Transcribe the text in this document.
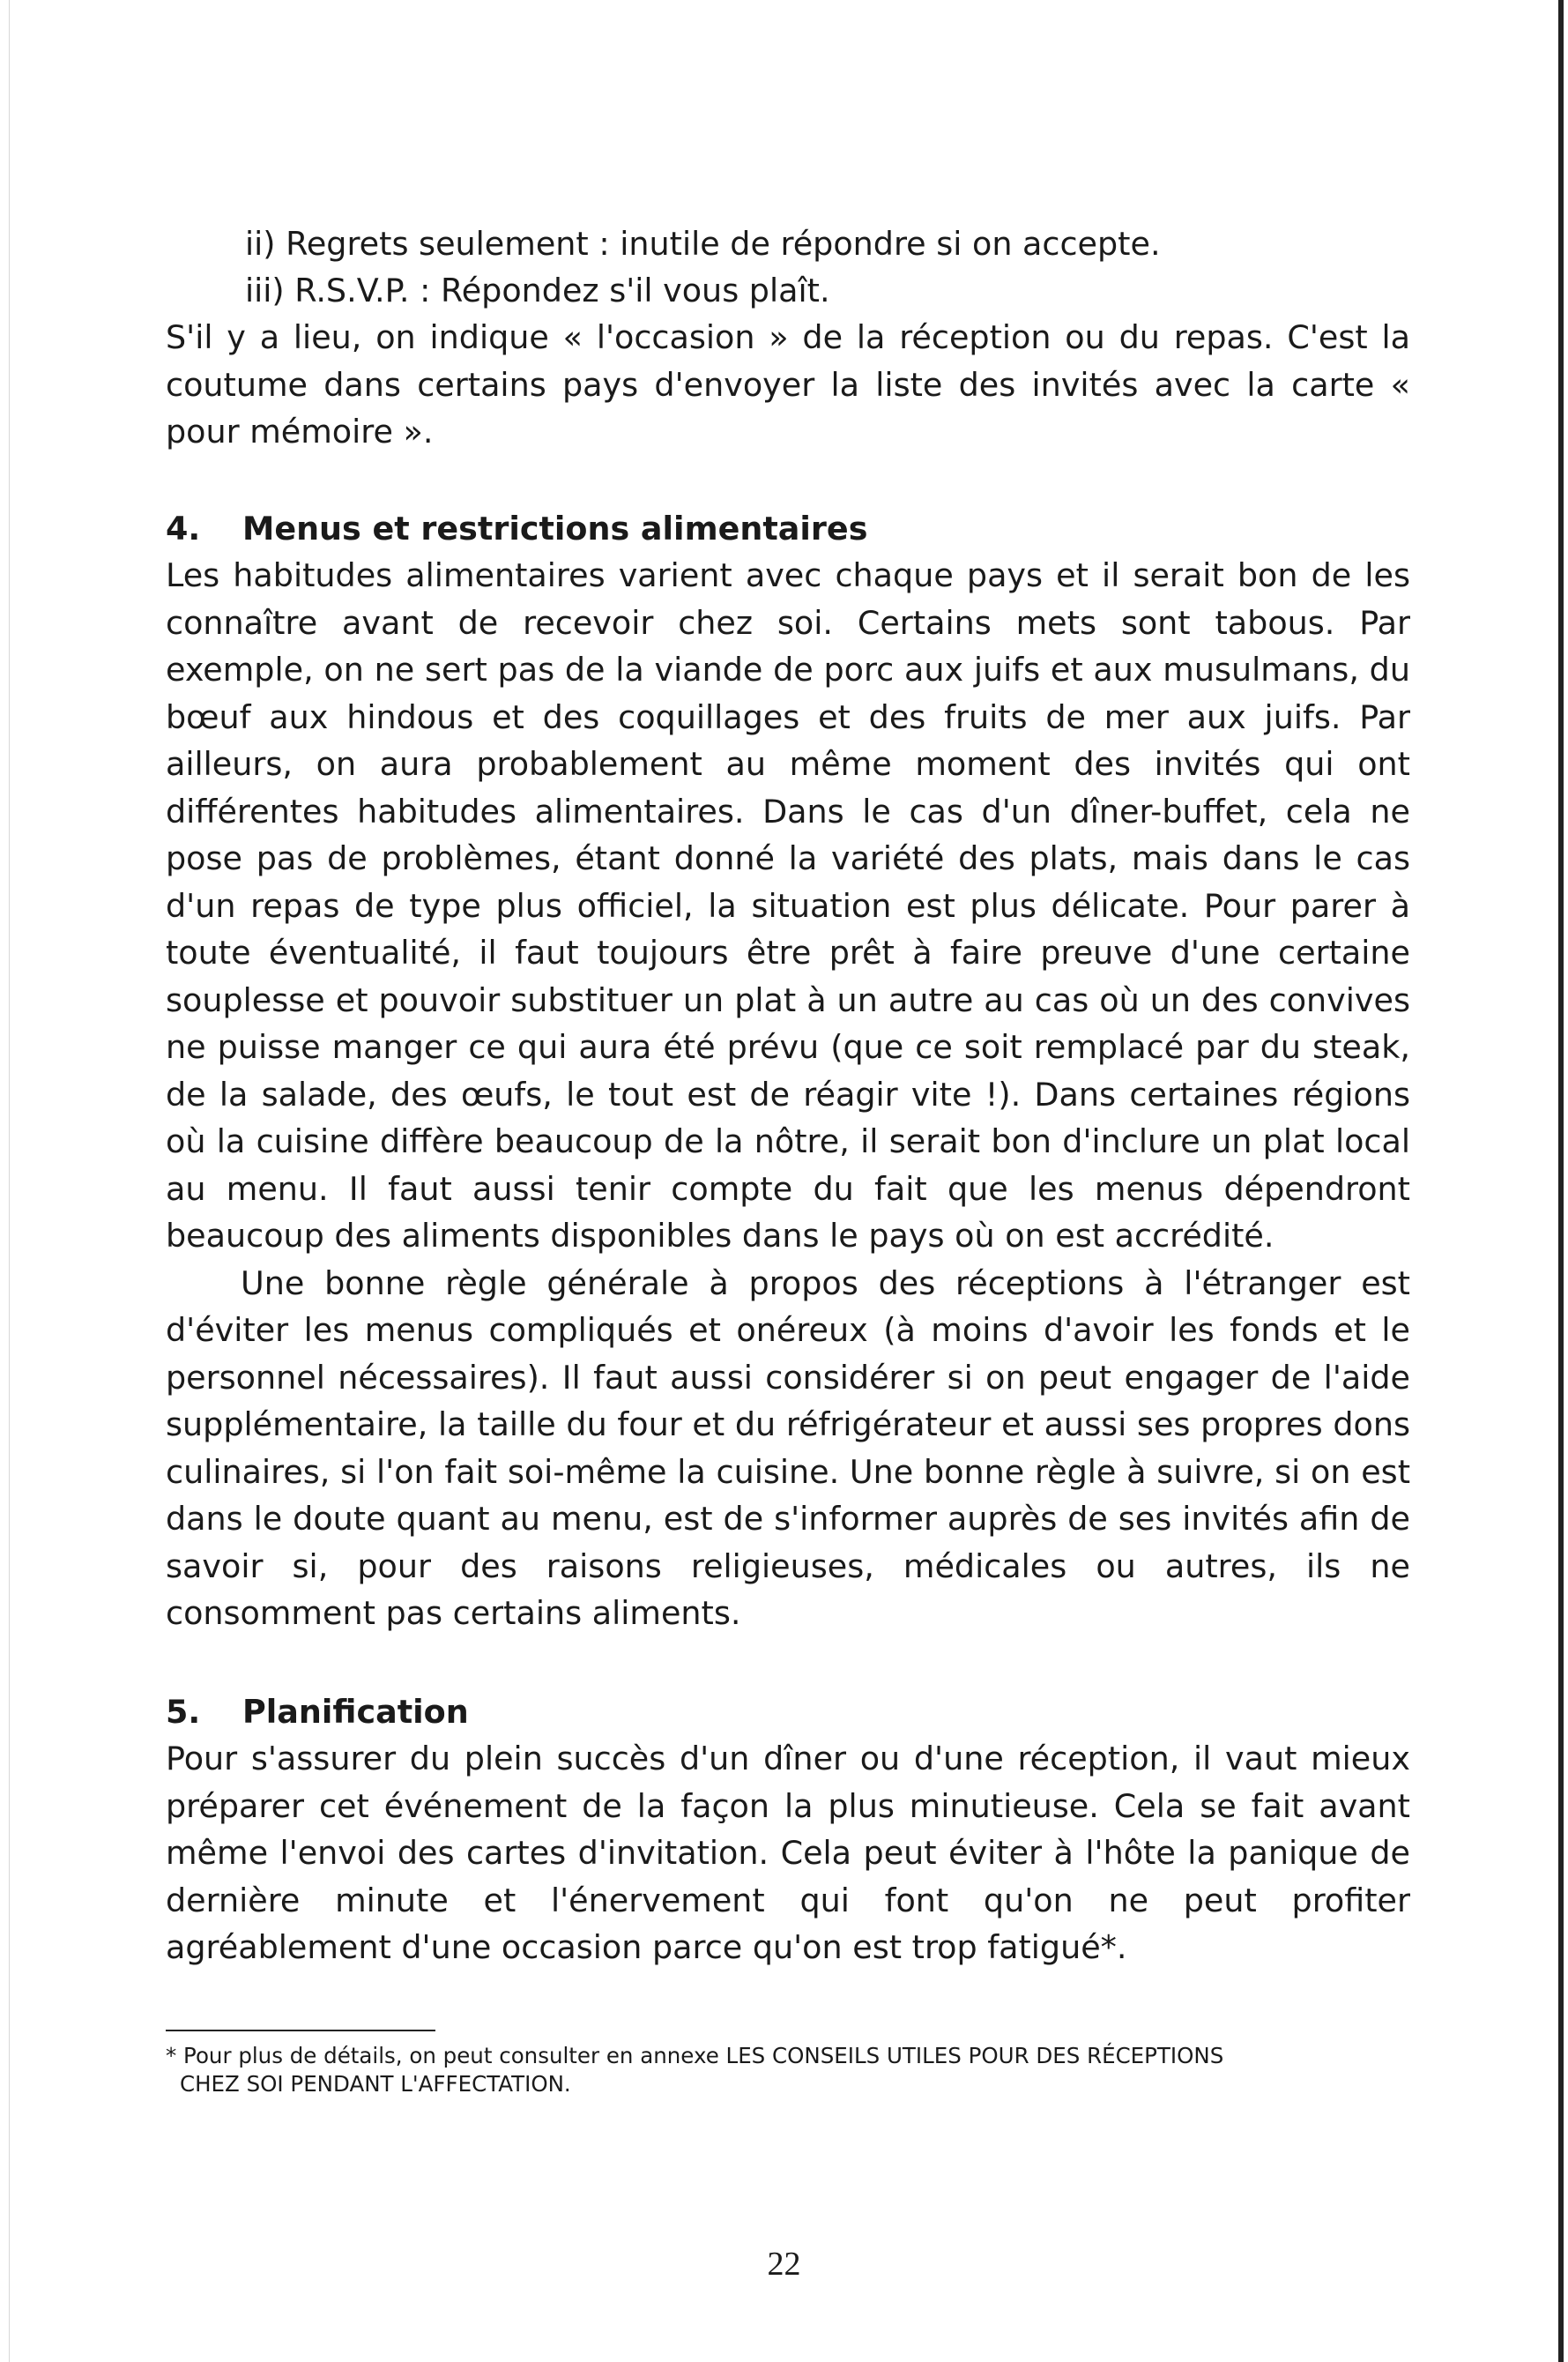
ii) Regrets seulement : inutile de répondre si on accepte.
iii) R.S.V.P. : Répondez s'il vous plaît.

S'il y a lieu, on indique « l'occasion » de la réception ou du repas. C'est la coutume dans certains pays d'envoyer la liste des invités avec la carte « pour mémoire ».

4. Menus et restrictions alimentaires

Les habitudes alimentaires varient avec chaque pays et il serait bon de les connaître avant de recevoir chez soi. Certains mets sont tabous. Par exemple, on ne sert pas de la viande de porc aux juifs et aux musulmans, du bœuf aux hindous et des coquillages et des fruits de mer aux juifs. Par ailleurs, on aura probablement au même moment des invités qui ont différentes habitudes alimentaires. Dans le cas d'un dîner-buffet, cela ne pose pas de problèmes, étant donné la variété des plats, mais dans le cas d'un repas de type plus officiel, la situation est plus délicate. Pour parer à toute éventualité, il faut toujours être prêt à faire preuve d'une certaine souplesse et pouvoir substituer un plat à un autre au cas où un des convives ne puisse manger ce qui aura été prévu (que ce soit remplacé par du steak, de la salade, des œufs, le tout est de réagir vite !). Dans certaines régions où la cuisine diffère beaucoup de la nôtre, il serait bon d'inclure un plat local au menu. Il faut aussi tenir compte du fait que les menus dépendront beaucoup des aliments disponibles dans le pays où on est accrédité.

Une bonne règle générale à propos des réceptions à l'étranger est d'éviter les menus compliqués et onéreux (à moins d'avoir les fonds et le personnel nécessaires). Il faut aussi considérer si on peut engager de l'aide supplémentaire, la taille du four et du réfrigérateur et aussi ses propres dons culinaires, si l'on fait soi-même la cuisine. Une bonne règle à suivre, si on est dans le doute quant au menu, est de s'informer auprès de ses invités afin de savoir si, pour des raisons religieuses, médicales ou autres, ils ne consomment pas certains aliments.

5. Planification

Pour s'assurer du plein succès d'un dîner ou d'une réception, il vaut mieux préparer cet événement de la façon la plus minutieuse. Cela se fait avant même l'envoi des cartes d'invitation. Cela peut éviter à l'hôte la panique de dernière minute et l'énervement qui font qu'on ne peut profiter agréablement d'une occasion parce qu'on est trop fatigué*.

* Pour plus de détails, on peut consulter en annexe LES CONSEILS UTILES POUR DES RÉCEPTIONS
CHEZ SOI PENDANT L'AFFECTATION.
22
